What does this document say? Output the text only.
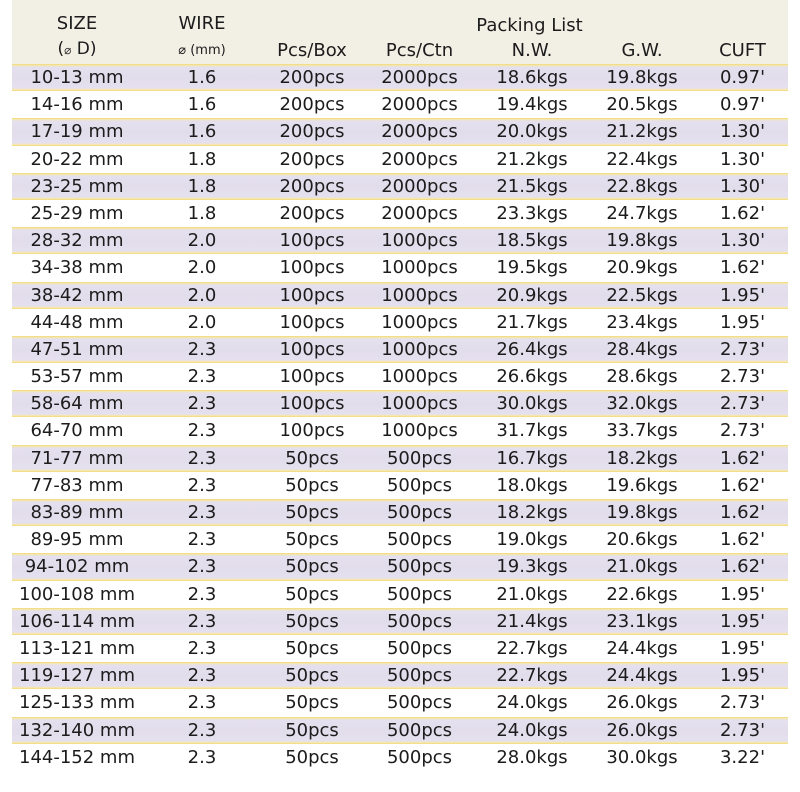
SIZE
(⌀ D)
WIRE
⌀ (mm)
Packing List
Pcs/Box	Pcs/Ctn	N.W.	G.W.	CUFT
10-13 mm	1.6	200pcs	2000pcs	18.6kgs	19.8kgs	0.97'
14-16 mm	1.6	200pcs	2000pcs	19.4kgs	20.5kgs	0.97'
17-19 mm	1.6	200pcs	2000pcs	20.0kgs	21.2kgs	1.30'
20-22 mm	1.8	200pcs	2000pcs	21.2kgs	22.4kgs	1.30'
23-25 mm	1.8	200pcs	2000pcs	21.5kgs	22.8kgs	1.30'
25-29 mm	1.8	200pcs	2000pcs	23.3kgs	24.7kgs	1.62'
28-32 mm	2.0	100pcs	1000pcs	18.5kgs	19.8kgs	1.30'
34-38 mm	2.0	100pcs	1000pcs	19.5kgs	20.9kgs	1.62'
38-42 mm	2.0	100pcs	1000pcs	20.9kgs	22.5kgs	1.95'
44-48 mm	2.0	100pcs	1000pcs	21.7kgs	23.4kgs	1.95'
47-51 mm	2.3	100pcs	1000pcs	26.4kgs	28.4kgs	2.73'
53-57 mm	2.3	100pcs	1000pcs	26.6kgs	28.6kgs	2.73'
58-64 mm	2.3	100pcs	1000pcs	30.0kgs	32.0kgs	2.73'
64-70 mm	2.3	100pcs	1000pcs	31.7kgs	33.7kgs	2.73'
71-77 mm	2.3	50pcs	500pcs	16.7kgs	18.2kgs	1.62'
77-83 mm	2.3	50pcs	500pcs	18.0kgs	19.6kgs	1.62'
83-89 mm	2.3	50pcs	500pcs	18.2kgs	19.8kgs	1.62'
89-95 mm	2.3	50pcs	500pcs	19.0kgs	20.6kgs	1.62'
94-102 mm	2.3	50pcs	500pcs	19.3kgs	21.0kgs	1.62'
100-108 mm	2.3	50pcs	500pcs	21.0kgs	22.6kgs	1.95'
106-114 mm	2.3	50pcs	500pcs	21.4kgs	23.1kgs	1.95'
113-121 mm	2.3	50pcs	500pcs	22.7kgs	24.4kgs	1.95'
119-127 mm	2.3	50pcs	500pcs	22.7kgs	24.4kgs	1.95'
125-133 mm	2.3	50pcs	500pcs	24.0kgs	26.0kgs	2.73'
132-140 mm	2.3	50pcs	500pcs	24.0kgs	26.0kgs	2.73'
144-152 mm	2.3	50pcs	500pcs	28.0kgs	30.0kgs	3.22'
